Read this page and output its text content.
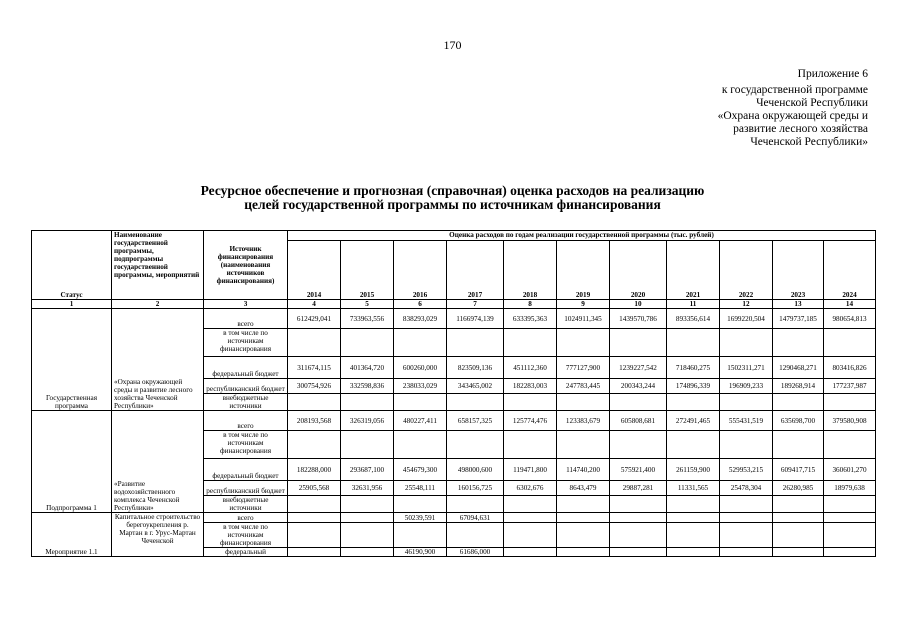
170
Приложение 6
к государственной программе
Чеченской Республики
«Охрана окружающей среды и
развитие лесного хозяйства
Чеченской Республики»
Ресурсное обеспечение и прогнозная (справочная) оценка расходов на реализацию
целей государственной программы по источникам финансирования
Статус	Наименование государственной программы, подпрограммы государственной программы, мероприятий	Источник финансирования (наименования источников финансирования)	Оценка расходов по годам реализации государственной программы (тыс. рублей)										
			2014	2015	2016	2017	2018	2019	2020	2021	2022	2023	2024
1	2	3	4	5	6	7	8	9	10	11	12	13	14
Государственная программа	«Охрана окружающей среды и развитие лесного хозяйства Чеченской Республики»	всего	612429,041	733963,556	838293,029	1166974,139	633395,363	1024911,345	1439570,786	893356,614	1699220,504	1479737,185	980654,813
		в том числе по источникам финансирования											
		федеральный бюджет	311674,115	401364,720	600260,000	823509,136	451112,360	777127,900	1239227,542	718460,275	1502311,271	1290468,271	803416,826
		республиканский бюджет	300754,926	332598,836	238033,029	343465,002	182283,003	247783,445	200343,244	174896,339	196909,233	189268,914	177237,987
		внебюджетные источники											
Подпрограмма 1	«Развитие водохозяйственного комплекса Чеченской Республики»	всего	208193,568	326319,056	480227,411	658157,325	125774,476	123383,679	605808,681	272491,465	555431,519	635698,700	379580,908
		в том числе по источникам финансирования											
		федеральный бюджет	182288,000	293687,100	454679,300	498000,600	119471,800	114740,200	575921,400	261159,900	529953,215	609417,715	360601,270
		республиканский бюджет	25905,568	32631,956	25548,111	160156,725	6302,676	8643,479	29887,281	11331,565	25478,304	26280,985	18979,638
		внебюджетные источники											
Мероприятие 1.1	Капитальное строительство берегоукрепления р. Мартан в г. Урус-Мартан Чеченской	всего			50239,591	67094,631							
		в том числе по источникам финансирования											
		федеральный			46190,900	61686,000							
